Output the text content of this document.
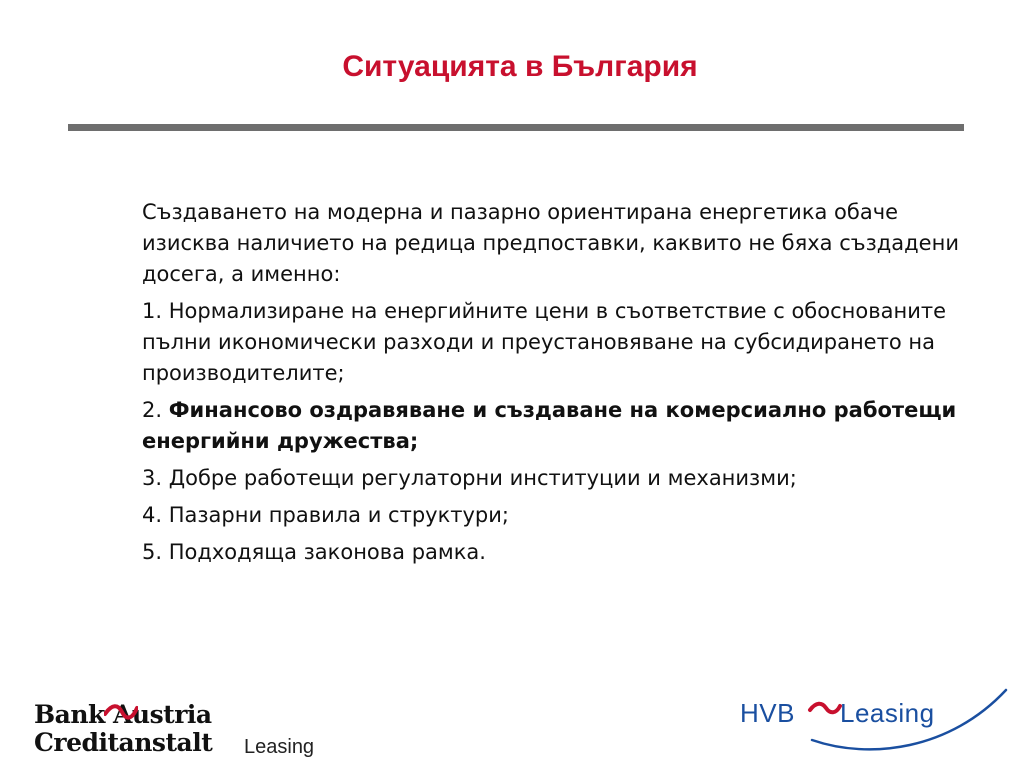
Ситуацията в България

Създаването на модерна и пазарно ориентирана енергетика обаче изисква наличието на редица предпоставки, каквито не бяха създадени досега, а именно:

1. Нормализиране на енергийните цени в съответствие с обоснованите пълни икономически разходи и преустановяване на субсидирането на производителите;

2. Финансово оздравяване и създаване на комерсиално работещи енергийни дружества;

3. Добре работещи регулаторни институции и механизми;

4. Пазарни правила и структури;

5. Подходяща законова рамка.

Bank Austria
Creditanstalt Leasing
HVB Leasing
